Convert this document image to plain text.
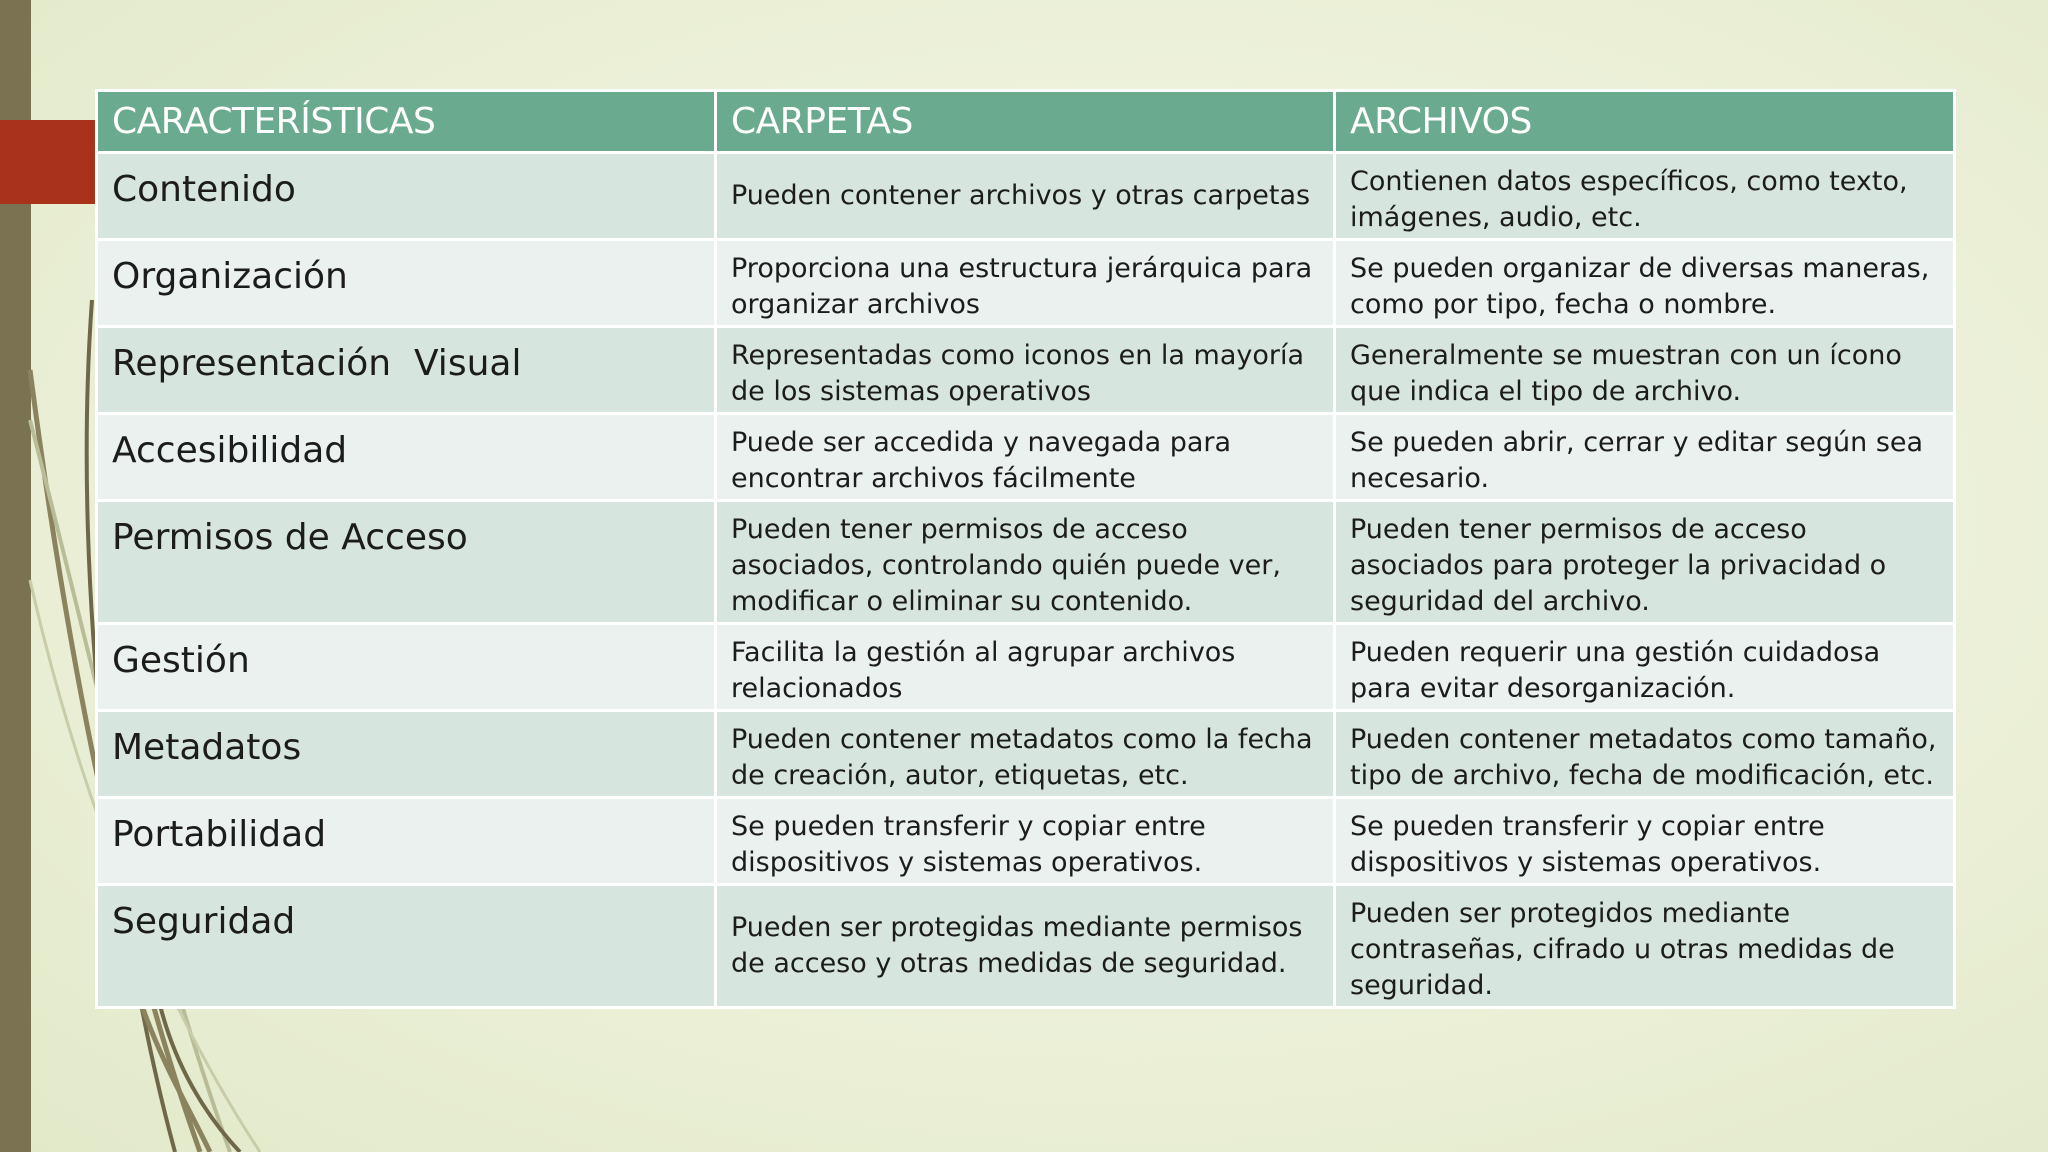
CARACTERÍSTICAS	CARPETAS	ARCHIVOS
Contenido	Pueden contener archivos y otras carpetas	Contienen datos específicos, como texto, imágenes, audio, etc.
Organización	Proporciona una estructura jerárquica para organizar archivos	Se pueden organizar de diversas maneras, como por tipo, fecha o nombre.
Representación  Visual	Representadas como iconos en la mayoría de los sistemas operativos	Generalmente se muestran con un ícono que indica el tipo de archivo.
Accesibilidad	Puede ser accedida y navegada para encontrar archivos fácilmente	Se pueden abrir, cerrar y editar según sea necesario.
Permisos de Acceso	Pueden tener permisos de acceso asociados, controlando quién puede ver, modificar o eliminar su contenido.	Pueden tener permisos de acceso asociados para proteger la privacidad o seguridad del archivo.
Gestión	Facilita la gestión al agrupar archivos relacionados	Pueden requerir una gestión cuidadosa para evitar desorganización.
Metadatos	Pueden contener metadatos como la fecha de creación, autor, etiquetas, etc.	Pueden contener metadatos como tamaño, tipo de archivo, fecha de modificación, etc.
Portabilidad	Se pueden transferir y copiar entre dispositivos y sistemas operativos.	Se pueden transferir y copiar entre dispositivos y sistemas operativos.
Seguridad	Pueden ser protegidas mediante permisos de acceso y otras medidas de seguridad.	Pueden ser protegidos mediante contraseñas, cifrado u otras medidas de seguridad.
